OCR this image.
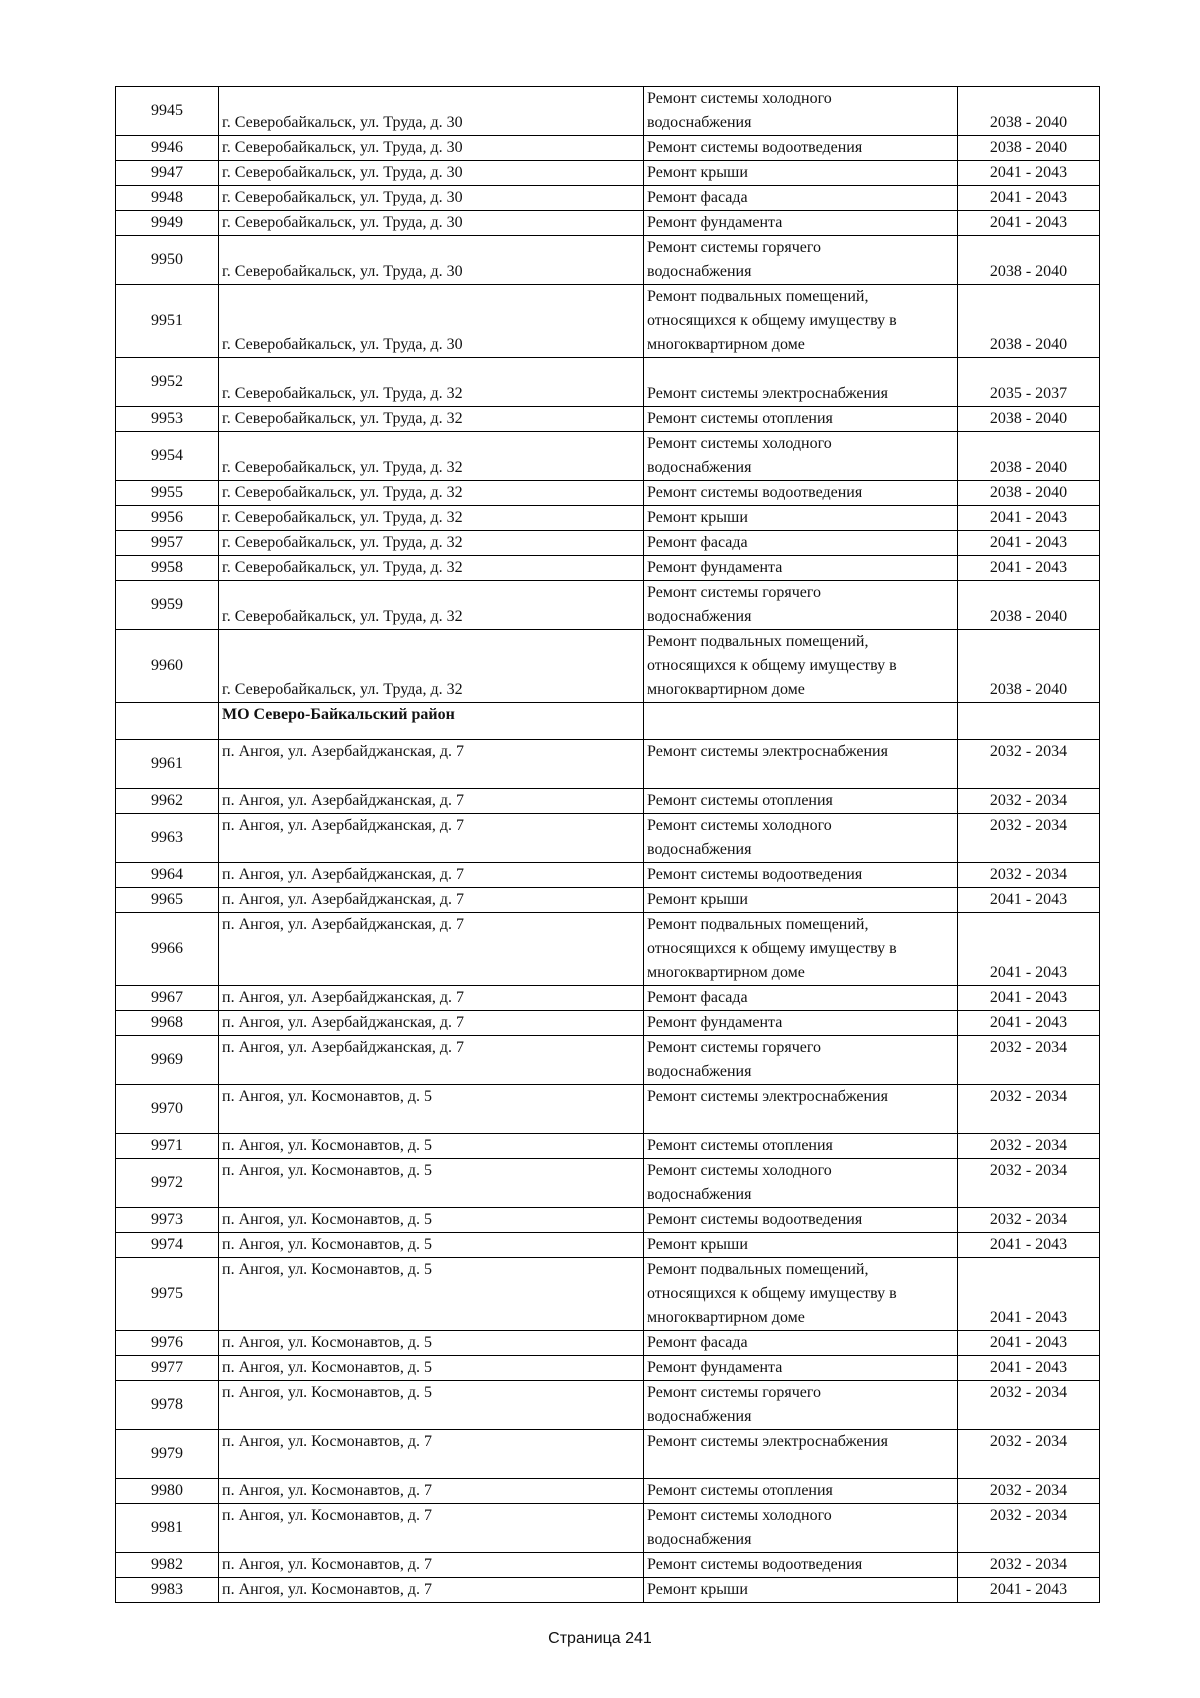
9945	г. Северобайкальск, ул. Труда, д. 30	Ремонт системы холодного
водоснабжения	2038 - 2040
9946	г. Северобайкальск, ул. Труда, д. 30	Ремонт системы водоотведения	2038 - 2040
9947	г. Северобайкальск, ул. Труда, д. 30	Ремонт крыши	2041 - 2043
9948	г. Северобайкальск, ул. Труда, д. 30	Ремонт фасада	2041 - 2043
9949	г. Северобайкальск, ул. Труда, д. 30	Ремонт фундамента	2041 - 2043
9950	г. Северобайкальск, ул. Труда, д. 30	Ремонт системы горячего
водоснабжения	2038 - 2040
9951	г. Северобайкальск, ул. Труда, д. 30	Ремонт подвальных помещений,
относящихся к общему имуществу в
многоквартирном доме	2038 - 2040
9952	г. Северобайкальск, ул. Труда, д. 32	Ремонт системы электроснабжения	2035 - 2037
9953	г. Северобайкальск, ул. Труда, д. 32	Ремонт системы отопления	2038 - 2040
9954	г. Северобайкальск, ул. Труда, д. 32	Ремонт системы холодного
водоснабжения	2038 - 2040
9955	г. Северобайкальск, ул. Труда, д. 32	Ремонт системы водоотведения	2038 - 2040
9956	г. Северобайкальск, ул. Труда, д. 32	Ремонт крыши	2041 - 2043
9957	г. Северобайкальск, ул. Труда, д. 32	Ремонт фасада	2041 - 2043
9958	г. Северобайкальск, ул. Труда, д. 32	Ремонт фундамента	2041 - 2043
9959	г. Северобайкальск, ул. Труда, д. 32	Ремонт системы горячего
водоснабжения	2038 - 2040
9960	г. Северобайкальск, ул. Труда, д. 32	Ремонт подвальных помещений,
относящихся к общему имуществу в
многоквартирном доме	2038 - 2040
	МО Северо-Байкальский район		
9961	п. Ангоя, ул. Азербайджанская, д. 7	Ремонт системы электроснабжения	2032 - 2034
9962	п. Ангоя, ул. Азербайджанская, д. 7	Ремонт системы отопления	2032 - 2034
9963	п. Ангоя, ул. Азербайджанская, д. 7	Ремонт системы холодного
водоснабжения	2032 - 2034
9964	п. Ангоя, ул. Азербайджанская, д. 7	Ремонт системы водоотведения	2032 - 2034
9965	п. Ангоя, ул. Азербайджанская, д. 7	Ремонт крыши	2041 - 2043
9966	п. Ангоя, ул. Азербайджанская, д. 7	Ремонт подвальных помещений,
относящихся к общему имуществу в
многоквартирном доме	2041 - 2043
9967	п. Ангоя, ул. Азербайджанская, д. 7	Ремонт фасада	2041 - 2043
9968	п. Ангоя, ул. Азербайджанская, д. 7	Ремонт фундамента	2041 - 2043
9969	п. Ангоя, ул. Азербайджанская, д. 7	Ремонт системы горячего
водоснабжения	2032 - 2034
9970	п. Ангоя, ул. Космонавтов, д. 5	Ремонт системы электроснабжения	2032 - 2034
9971	п. Ангоя, ул. Космонавтов, д. 5	Ремонт системы отопления	2032 - 2034
9972	п. Ангоя, ул. Космонавтов, д. 5	Ремонт системы холодного
водоснабжения	2032 - 2034
9973	п. Ангоя, ул. Космонавтов, д. 5	Ремонт системы водоотведения	2032 - 2034
9974	п. Ангоя, ул. Космонавтов, д. 5	Ремонт крыши	2041 - 2043
9975	п. Ангоя, ул. Космонавтов, д. 5	Ремонт подвальных помещений,
относящихся к общему имуществу в
многоквартирном доме	2041 - 2043
9976	п. Ангоя, ул. Космонавтов, д. 5	Ремонт фасада	2041 - 2043
9977	п. Ангоя, ул. Космонавтов, д. 5	Ремонт фундамента	2041 - 2043
9978	п. Ангоя, ул. Космонавтов, д. 5	Ремонт системы горячего
водоснабжения	2032 - 2034
9979	п. Ангоя, ул. Космонавтов, д. 7	Ремонт системы электроснабжения	2032 - 2034
9980	п. Ангоя, ул. Космонавтов, д. 7	Ремонт системы отопления	2032 - 2034
9981	п. Ангоя, ул. Космонавтов, д. 7	Ремонт системы холодного
водоснабжения	2032 - 2034
9982	п. Ангоя, ул. Космонавтов, д. 7	Ремонт системы водоотведения	2032 - 2034
9983	п. Ангоя, ул. Космонавтов, д. 7	Ремонт крыши	2041 - 2043
Страница 241
